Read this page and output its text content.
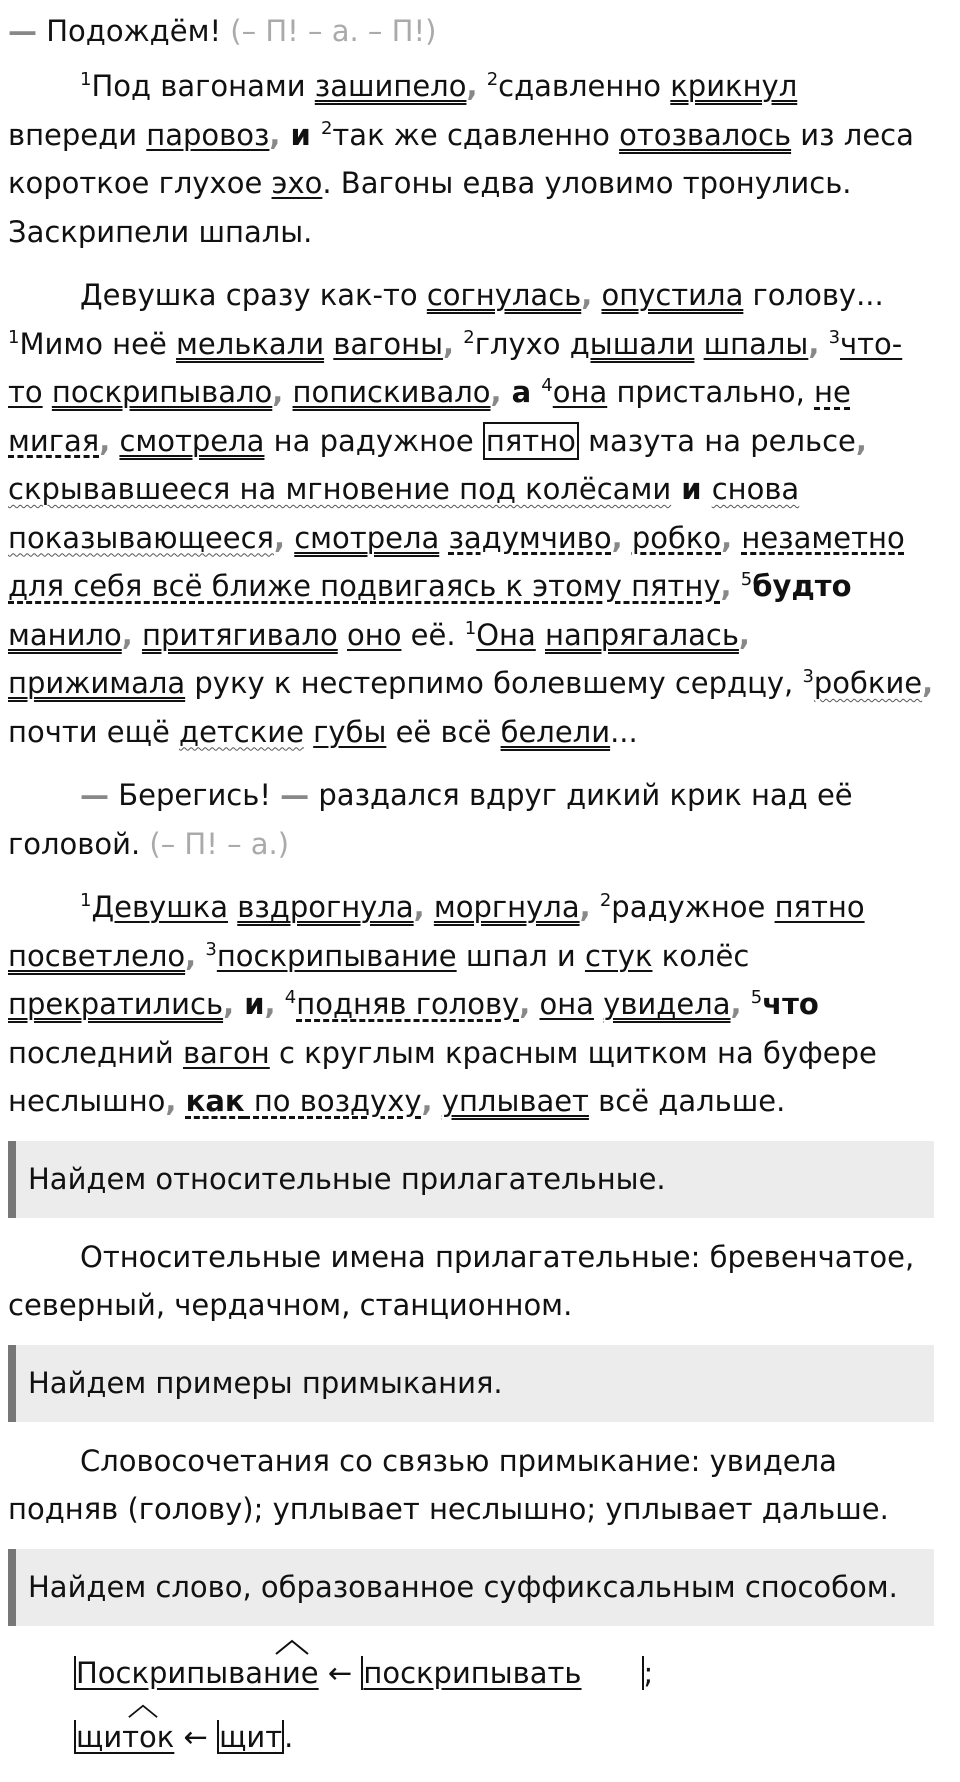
— Подождём! (– П! – а. – П!)

$^1$Под вагонами зашипело, $^2$сдавленно крикнул впереди паровоз, и $^2$так же сдавленно отозвалось из леса короткое глухое эхо. Вагоны едва уловимо тронулись. Заскрипели шпалы.

Девушка сразу как-то согнулась, опустила голову... $^1$Мимо неё мелькали вагоны, $^2$глухо дышали шпалы, $^3$что-то поскрипывало, попискивало, а $^4$она пристально, не мигая, смотрела на радужное пятно мазута на рельсе, скрывавшееся на мгновение под колёсами и снова показывающееся, смотрела задумчиво, робко, незаметно для себя всё ближе подвигаясь к этому пятну, $^5$будто манило, притягивало оно её. $^1$Она напрягалась, прижимала руку к нестерпимо болевшему сердцу, $^3$робкие, почти ещё детские губы её всё белели...

— Берегись! — раздался вдруг дикий крик над её головой. (– П! – а.)

$^1$Девушка вздрогнула, моргнула, $^2$радужное пятно посветлело, $^3$поскрипывание шпал и стук колёс прекратились, и, $^4$подняв голову, она увидела, $^5$что последний вагон с круглым красным щитком на буфере неслышно, как по воздуху, уплывает всё дальше.

Найдем относительные прилагательные.

Относительные имена прилагательные: бревенчатое, северный, чердачном, станционном.

Найдем примеры примыкания.

Словосочетания со связью примыкание: увидела подняв (голову); уплывает неслышно; уплывает дальше.

Найдем слово, образованное суффиксальным способом.
Поскрипывание ← поскрипывать ;
щиток ← щит.
